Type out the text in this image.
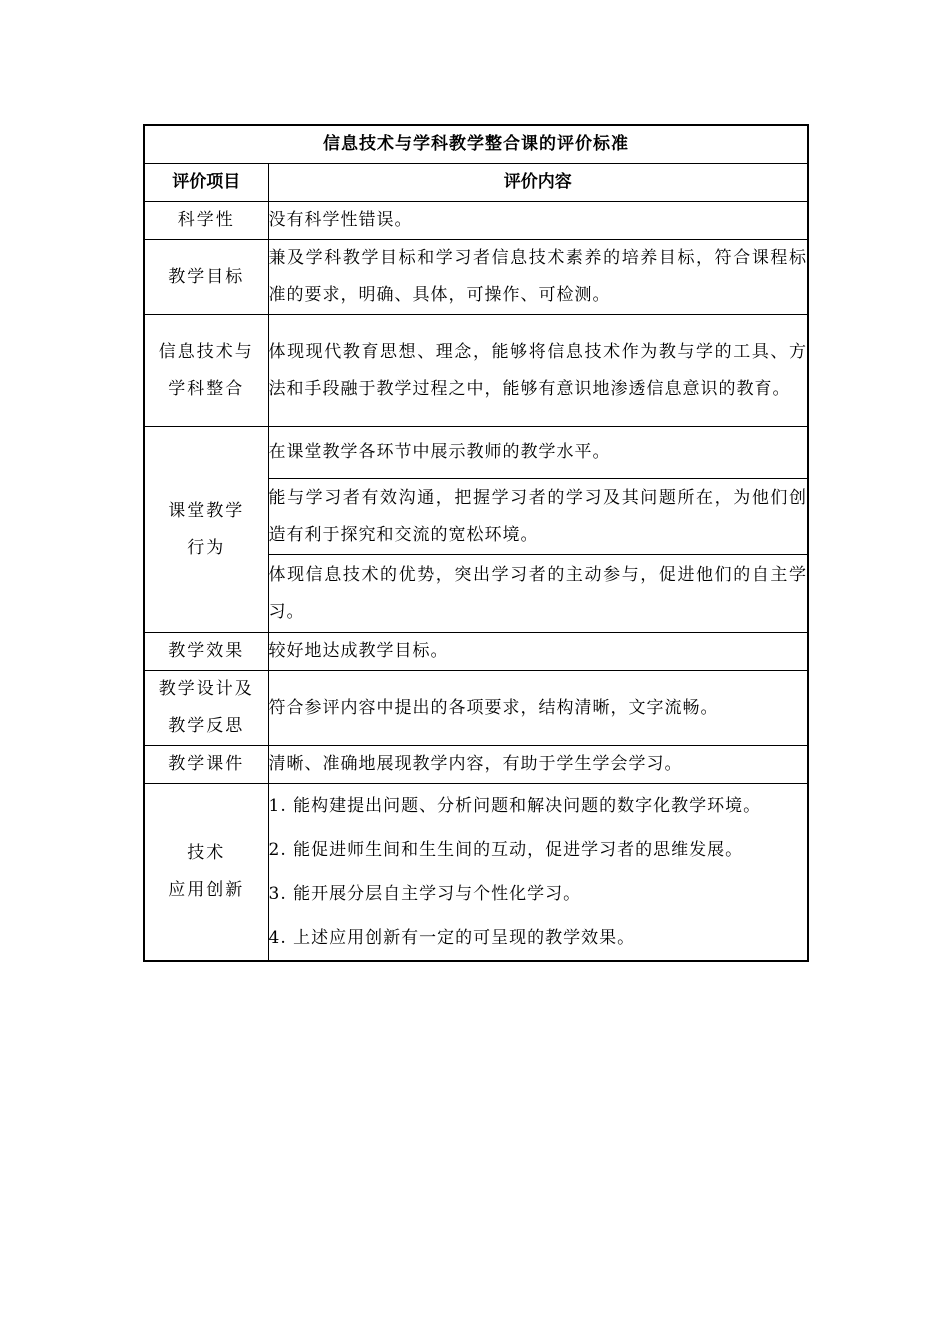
信息技术与学科教学整合课的评价标准	
评价项目	评价内容
科学性	没有科学性错误。
教学目标	兼及学科教学目标和学习者信息技术素养的培养目标，符合课程标准的要求，明确、具体，可操作、可检测。

信息技术与
学科整合	体现现代教育思想、理念，能够将信息技术作为教与学的工具、方法和手段融于教学过程之中，能够有意识地渗透信息意识的教育。

课堂教学
行为	在课堂教学各环节中展示教师的教学水平。
	能与学习者有效沟通，把握学习者的学习及其问题所在，为他们创造有利于探究和交流的宽松环境。
	体现信息技术的优势，突出学习者的主动参与，促进他们的自主学习。
教学效果	较好地达成教学目标。

教学设计及
教学反思	符合参评内容中提出的各项要求，结构清晰，文字流畅。
教学课件	清晰、准确地展现教学内容，有助于学生学会学习。

技术
应用创新	1. 能构建提出问题、分析问题和解决问题的数字化教学环境。
2. 能促进师生间和生生间的互动，促进学习者的思维发展。
3. 能开展分层自主学习与个性化学习。
4. 上述应用创新有一定的可呈现的教学效果。
